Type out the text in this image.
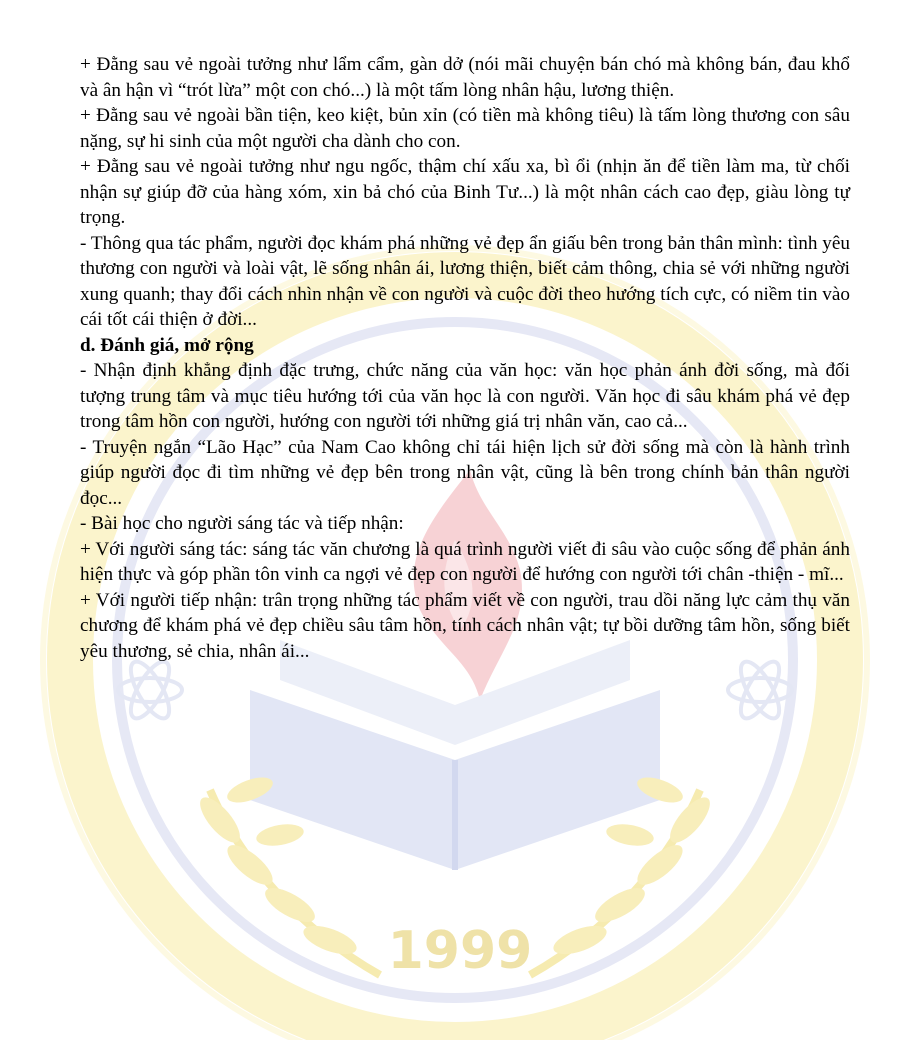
1999

+ Đằng sau vẻ ngoài tưởng như lẩm cẩm, gàn dở (nói mãi chuyện bán chó mà không bán, đau khổ và ân hận vì “trót lừa” một con chó...) là một tấm lòng nhân hậu, lương thiện.

+ Đằng sau vẻ ngoài bần tiện, keo kiệt, bủn xỉn (có tiền mà không tiêu) là tấm lòng thương con sâu nặng, sự hi sinh của một người cha dành cho con.

+ Đằng sau vẻ ngoài tưởng như ngu ngốc, thậm chí xấu xa, bì ổi (nhịn ăn để tiền làm ma, từ chối nhận sự giúp đỡ của hàng xóm, xin bả chó của Binh Tư...) là một nhân cách cao đẹp, giàu lòng tự trọng.

- Thông qua tác phẩm, người đọc khám phá những vẻ đẹp ẩn giấu bên trong bản thân mình: tình yêu thương con người và loài vật, lẽ sống nhân ái, lương thiện, biết cảm thông, chia sẻ với những người xung quanh; thay đổi cách nhìn nhận về con người và cuộc đời theo hướng tích cực, có niềm tin vào cái tốt cái thiện ở đời...

d. Đánh giá, mở rộng

- Nhận định khẳng định đặc trưng, chức năng của văn học: văn học phản ánh đời sống, mà đối tượng trung tâm và mục tiêu hướng tới của văn học là con người. Văn học đi sâu khám phá vẻ đẹp trong tâm hồn con người, hướng con người tới những giá trị nhân văn, cao cả...

- Truyện ngắn “Lão Hạc” của Nam Cao không chỉ tái hiện lịch sử đời sống mà còn là hành trình giúp người đọc đi tìm những vẻ đẹp bên trong nhân vật, cũng là bên trong chính bản thân người đọc...

- Bài học cho người sáng tác và tiếp nhận:

+ Với người sáng tác: sáng tác văn chương là quá trình người viết đi sâu vào cuộc sống để phản ánh hiện thực và góp phần tôn vinh ca ngợi vẻ đẹp con người để hướng con người tới chân -thiện - mĩ...

+ Với người tiếp nhận: trân trọng những tác phẩm viết về con người, trau dồi năng lực cảm thụ văn chương để khám phá vẻ đẹp chiều sâu tâm hồn, tính cách nhân vật; tự bồi dưỡng tâm hồn, sống biết yêu thương, sẻ chia, nhân ái...
